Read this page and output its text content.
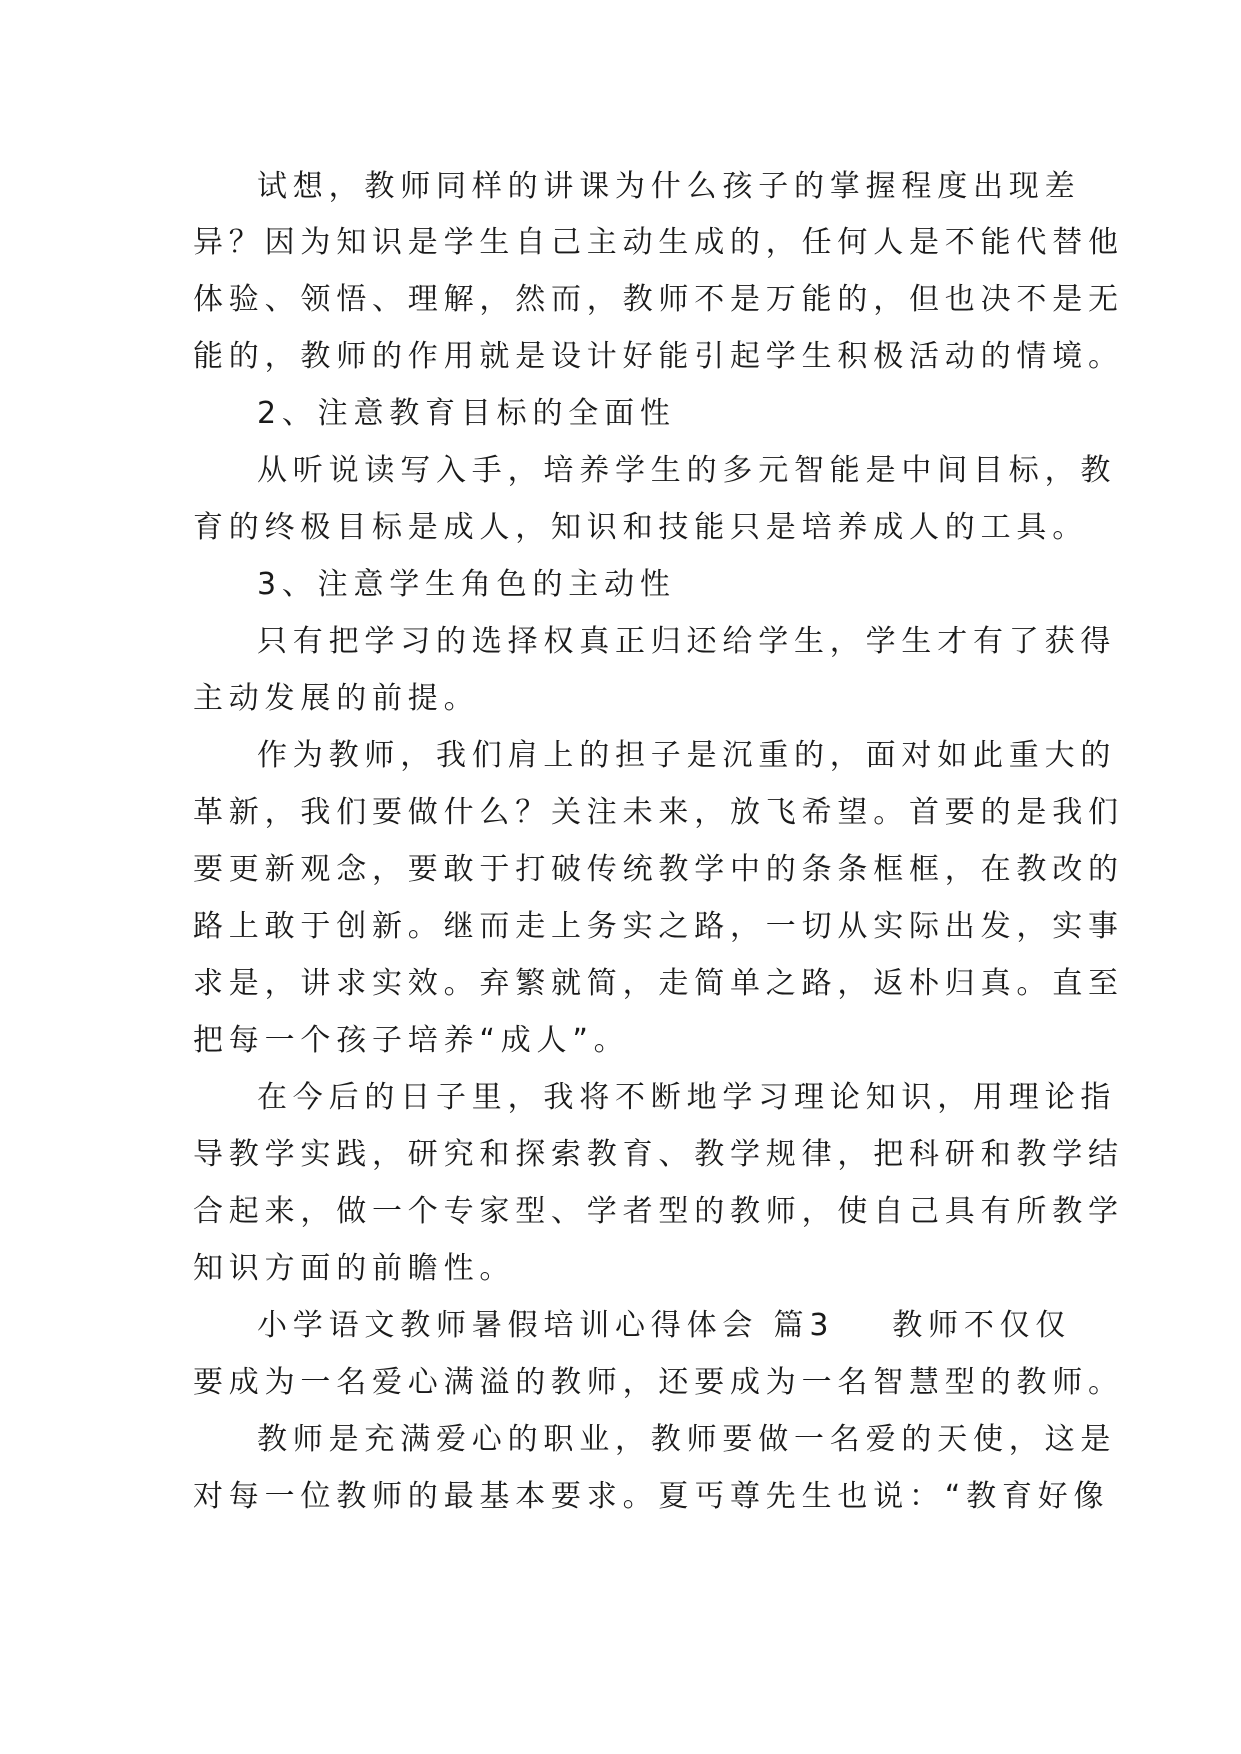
试想，教师同样的讲课为什么孩子的掌握程度出现差
异？因为知识是学生自己主动生成的，任何人是不能代替他
体验、领悟、理解，然而，教师不是万能的，但也决不是无
能的，教师的作用就是设计好能引起学生积极活动的情境。
2、注意教育目标的全面性
从听说读写入手，培养学生的多元智能是中间目标，教
育的终极目标是成人，知识和技能只是培养成人的工具。
3、注意学生角色的主动性
只有把学习的选择权真正归还给学生，学生才有了获得
主动发展的前提。
作为教师，我们肩上的担子是沉重的，面对如此重大的
革新，我们要做什么？关注未来，放飞希望。首要的是我们
要更新观念，要敢于打破传统教学中的条条框框，在教改的
路上敢于创新。继而走上务实之路，一切从实际出发，实事
求是，讲求实效。弃繁就简，走简单之路，返朴归真。直至
把每一个孩子培养“成人”。
在今后的日子里，我将不断地学习理论知识，用理论指
导教学实践，研究和探索教育、教学规律，把科研和教学结
合起来，做一个专家型、学者型的教师，使自己具有所教学
知识方面的前瞻性。
小学语文教师暑假培训心得体会 篇3 教师不仅仅
要成为一名爱心满溢的教师，还要成为一名智慧型的教师。
教师是充满爱心的职业，教师要做一名爱的天使，这是
对每一位教师的最基本要求。夏丐尊先生也说：“教育好像
